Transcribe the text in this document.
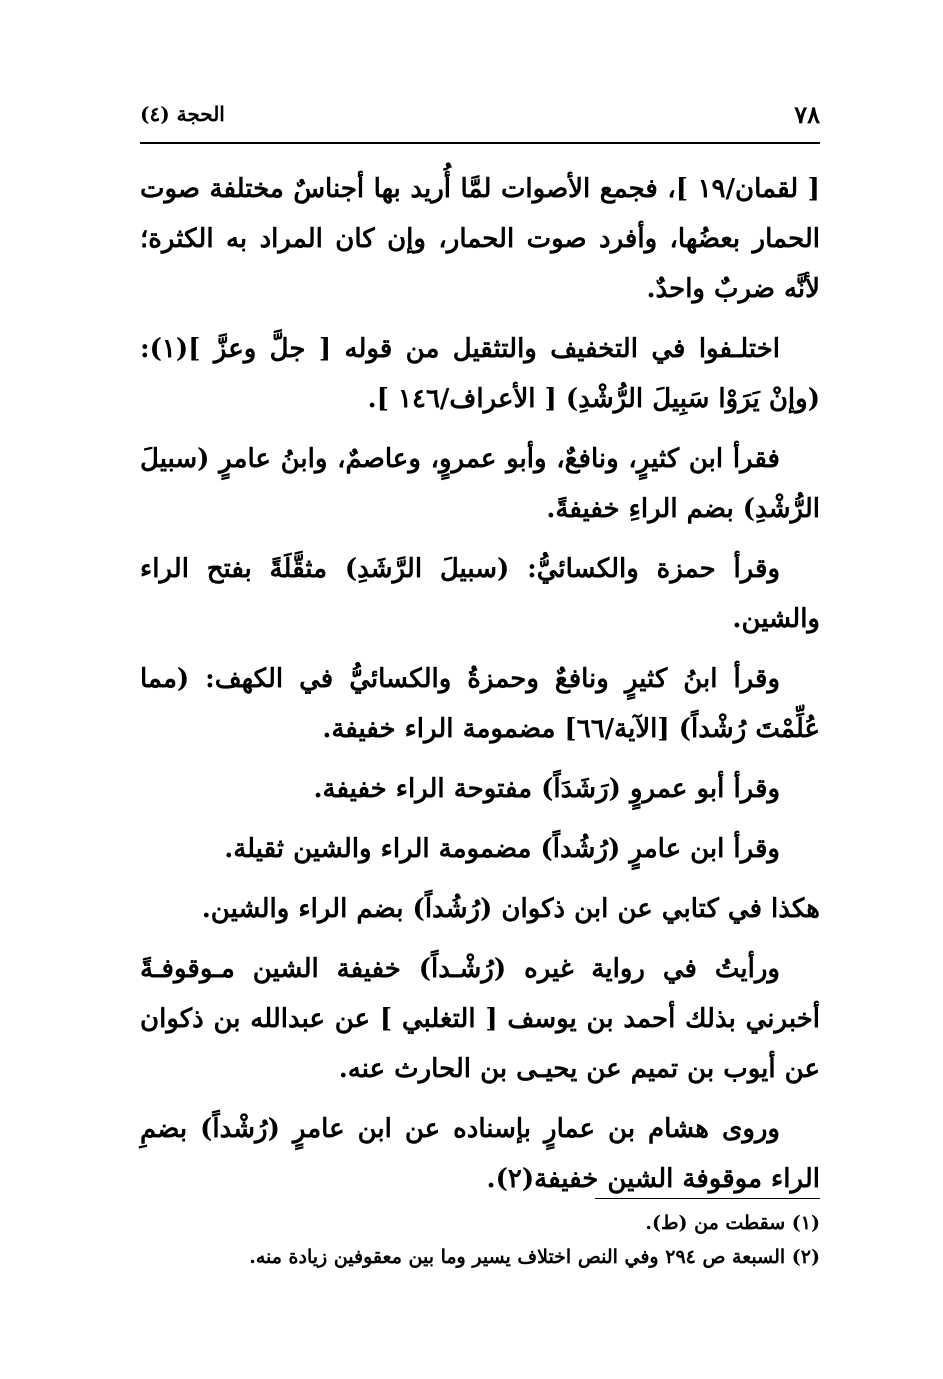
٧٨
الحجة (٤)

[ لقمان/١٩ ]، فجمع الأصوات لمَّا أُريد بها أجناسٌ مختلفة صوت الحمار بعضُها، وأفرد صوت الحمار، وإن كان المراد به الكثرة؛ لأنَّه ضربٌ واحدٌ.

اختلـفوا في التخفيف والتثقيل من قوله [ جلَّ وعزَّ ](١): (وإنْ يَرَوْا سَبِيلَ الرُّشْدِ) [ الأعراف/١٤٦ ].

فقرأ ابن كثيرٍ، ونافعٌ، وأبو عمروٍ، وعاصمٌ، وابنُ عامرٍ (سبيلَ الرُّشْدِ) بضم الراءِ خفيفةً.

وقرأ حمزة والكسائيُّ: (سبيلَ الرَّشَدِ) مثقَّلَةً بفتح الراء والشين.

وقرأ ابنُ كثيرٍ ونافعٌ وحمزةُ والكسائيُّ في الكهف: (مما عُلِّمْتَ رُشْداً) [الآية/٦٦] مضمومة الراء خفيفة.

وقرأ أبو عمروٍ (رَشَدَاً) مفتوحة الراء خفيفة.

وقرأ ابن عامرٍ (رُشُداً) مضمومة الراء والشين ثقيلة.

هكذا في كتابي عن ابن ذكوان (رُشُداً) بضم الراء والشين.

ورأيتُ في رواية غيره (رُشْـداً) خفيفة الشين مـوقوفـةً أخبرني بذلك أحمد بن يوسف [ التغلبي ] عن عبدالله بن ذكوان عن أيوب بن تميم عن يحيـى بن الحارث عنه.

وروى هشام بن عمارٍ بإسناده عن ابن عامرٍ (رُشْداً) بضمِ الراء موقوفة الشين خفيفة(٢).

(١) سقطت من (ط).

(٢) السبعة ص ٢٩٤ وفي النص اختلاف يسير وما بين معقوفين زيادة منه.
